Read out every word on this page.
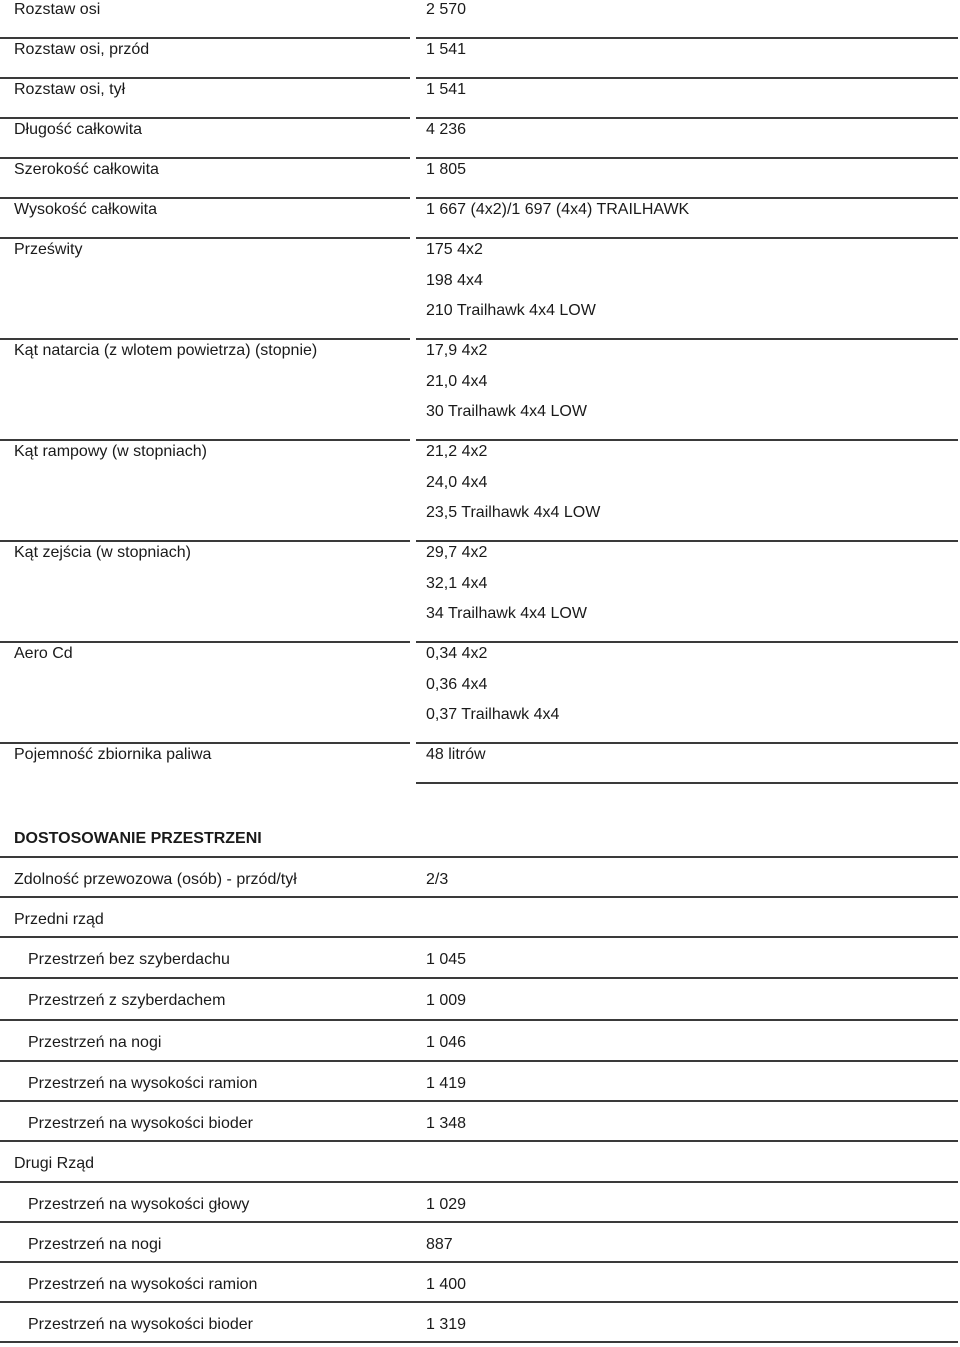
Rozstaw osi	2 570
Rozstaw osi, przód	1 541
Rozstaw osi, tył	1 541
Długość całkowita	4 236
Szerokość całkowita	1 805
Wysokość całkowita	1 667 (4x2)/1 697 (4x4) TRAILHAWK
Prześwity	175 4x2
198 4x4
210 Trailhawk 4x4 LOW
Kąt natarcia (z wlotem powietrza) (stopnie)	17,9 4x2
21,0 4x4
30 Trailhawk 4x4 LOW
Kąt rampowy (w stopniach)	21,2 4x2
24,0 4x4
23,5 Trailhawk 4x4 LOW
Kąt zejścia (w stopniach)	29,7 4x2
32,1 4x4
34 Trailhawk 4x4 LOW
Aero Cd	0,34 4x2
0,36 4x4
0,37 Trailhawk 4x4
Pojemność zbiornika paliwa	48 litrów
DOSTOSOWANIE PRZESTRZENI
Zdolność przewozowa (osób) - przód/tył	2/3
Przedni rząd
Przestrzeń bez szyberdachu	1 045
Przestrzeń z szyberdachem	1 009
Przestrzeń na nogi	1 046
Przestrzeń na wysokości ramion	1 419
Przestrzeń na wysokości bioder	1 348
Drugi Rząd
Przestrzeń na wysokości głowy	1 029
Przestrzeń na nogi	887
Przestrzeń na wysokości ramion	1 400
Przestrzeń na wysokości bioder	1 319
